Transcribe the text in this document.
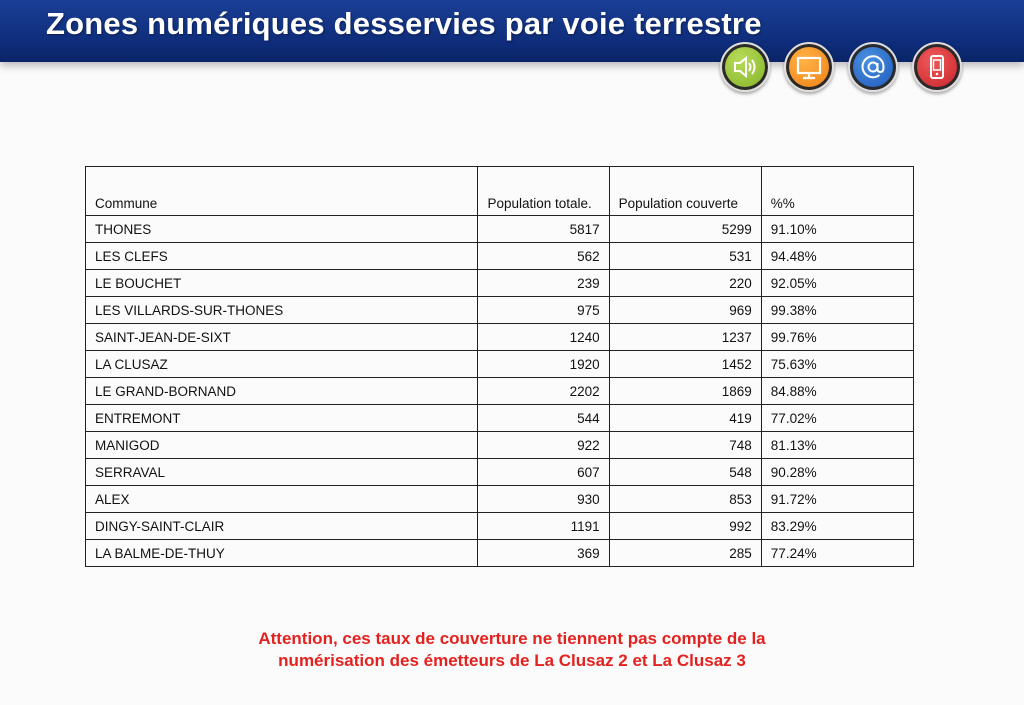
Zones numériques desservies par voie terrestre
Commune	Population totale.	Population couverte	%%
THONES	5817	5299	91.10%
LES CLEFS	562	531	94.48%
LE BOUCHET	239	220	92.05%
LES VILLARDS-SUR-THONES	975	969	99.38%
SAINT-JEAN-DE-SIXT	1240	1237	99.76%
LA CLUSAZ	1920	1452	75.63%
LE GRAND-BORNAND	2202	1869	84.88%
ENTREMONT	544	419	77.02%
MANIGOD	922	748	81.13%
SERRAVAL	607	548	90.28%
ALEX	930	853	91.72%
DINGY-SAINT-CLAIR	1191	992	83.29%
LA BALME-DE-THUY	369	285	77.24%
Attention, ces taux de couverture ne tiennent pas compte de la
numérisation des émetteurs de La Clusaz 2 et La Clusaz 3
